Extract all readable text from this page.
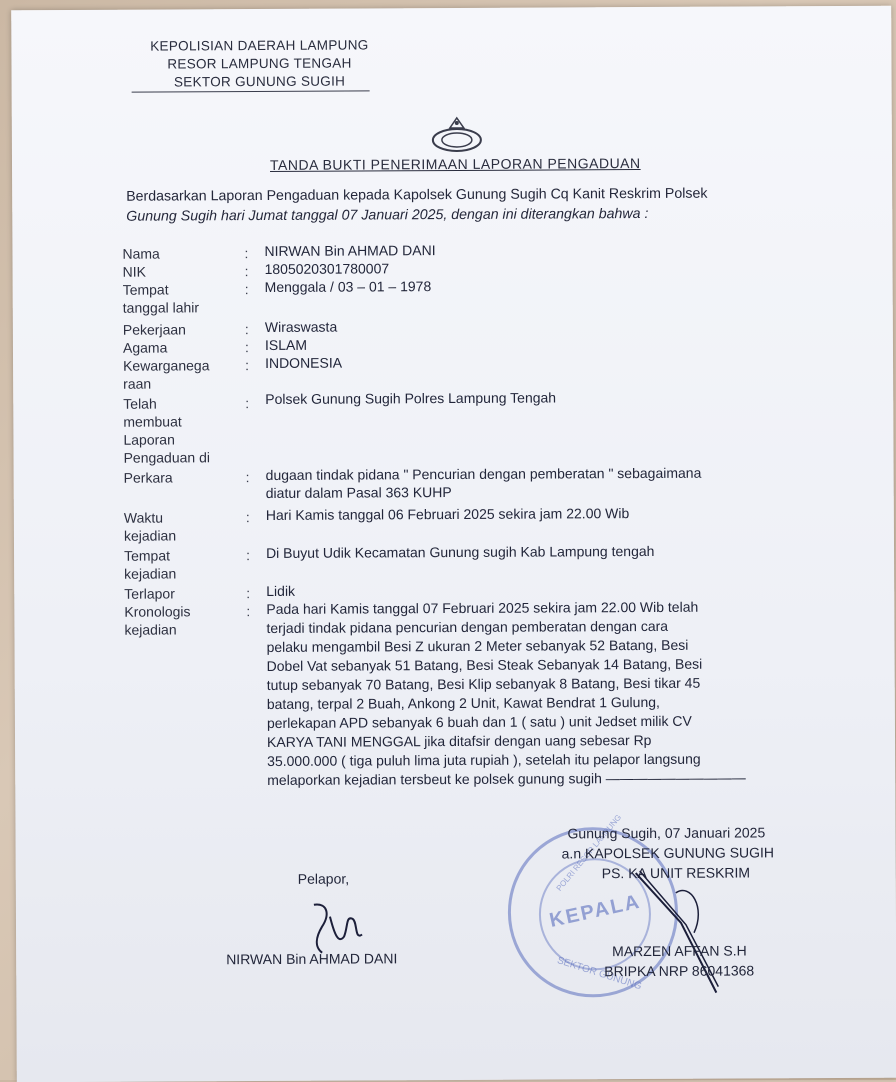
KEPOLISIAN DAERAH LAMPUNG
RESOR LAMPUNG TENGAH
SEKTOR GUNUNG SUGIH
TANDA BUKTI PENERIMAAN LAPORAN PENGADUAN
Berdasarkan Laporan Pengaduan kepada Kapolsek Gunung Sugih Cq Kanit Reskrim Polsek
Gunung Sugih hari Jumat tanggal 07 Januari 2025, dengan ini diterangkan bahwa :
Nama	: NIRWAN Bin AHMAD DANI
NIK	: 1805020301780007
Tempat
tanggal lahir
: Menggala / 03 – 01 – 1978
Pekerjaan	: Wiraswasta
Agama	: ISLAM
Kewarganega
raan
: INDONESIA
Telah
membuat
Laporan
Pengaduan di
: Polsek Gunung Sugih Polres Lampung Tengah
Perkara	: dugaan tindak pidana " Pencurian dengan pemberatan " sebagaimana
diatur dalam Pasal 363 KUHP
Waktu
kejadian
: Hari Kamis tanggal 06 Februari 2025 sekira jam 22.00 Wib
Tempat
kejadian
: Di Buyut Udik Kecamatan Gunung sugih Kab Lampung tengah
Terlapor	: Lidik
Kronologis
kejadian
: Pada hari Kamis tanggal 07 Februari 2025 sekira jam 22.00 Wib telah
terjadi tindak pidana pencurian dengan pemberatan dengan cara
pelaku mengambil Besi Z ukuran 2 Meter sebanyak 52 Batang, Besi
Dobel Vat sebanyak 51 Batang, Besi Steak Sebanyak 14 Batang, Besi
tutup sebanyak 70 Batang, Besi Klip sebanyak 8 Batang, Besi tikar 45
batang, terpal 2 Buah, Ankong 2 Unit, Kawat Bendrat 1 Gulung,
perlekapan APD sebanyak 6 buah dan 1 ( satu ) unit Jedset milik CV
KARYA TANI MENGGAL jika ditafsir dengan uang sebesar Rp
35.000.000 ( tiga puluh lima juta rupiah ), setelah itu pelapor langsung
melaporkan kejadian tersbeut ke polsek gunung sugih ——————————
KEPALA
POLRI RESOR LAMPUNG
SEKTOR GUNUNG
Gunung Sugih, 07 Januari 2025
a.n KAPOLSEK GUNUNG SUGIH
PS. KA UNIT RESKRIM
MARZEN AFFAN S.H
BRIPKA NRP 86041368
Pelapor,
NIRWAN Bin AHMAD DANI
